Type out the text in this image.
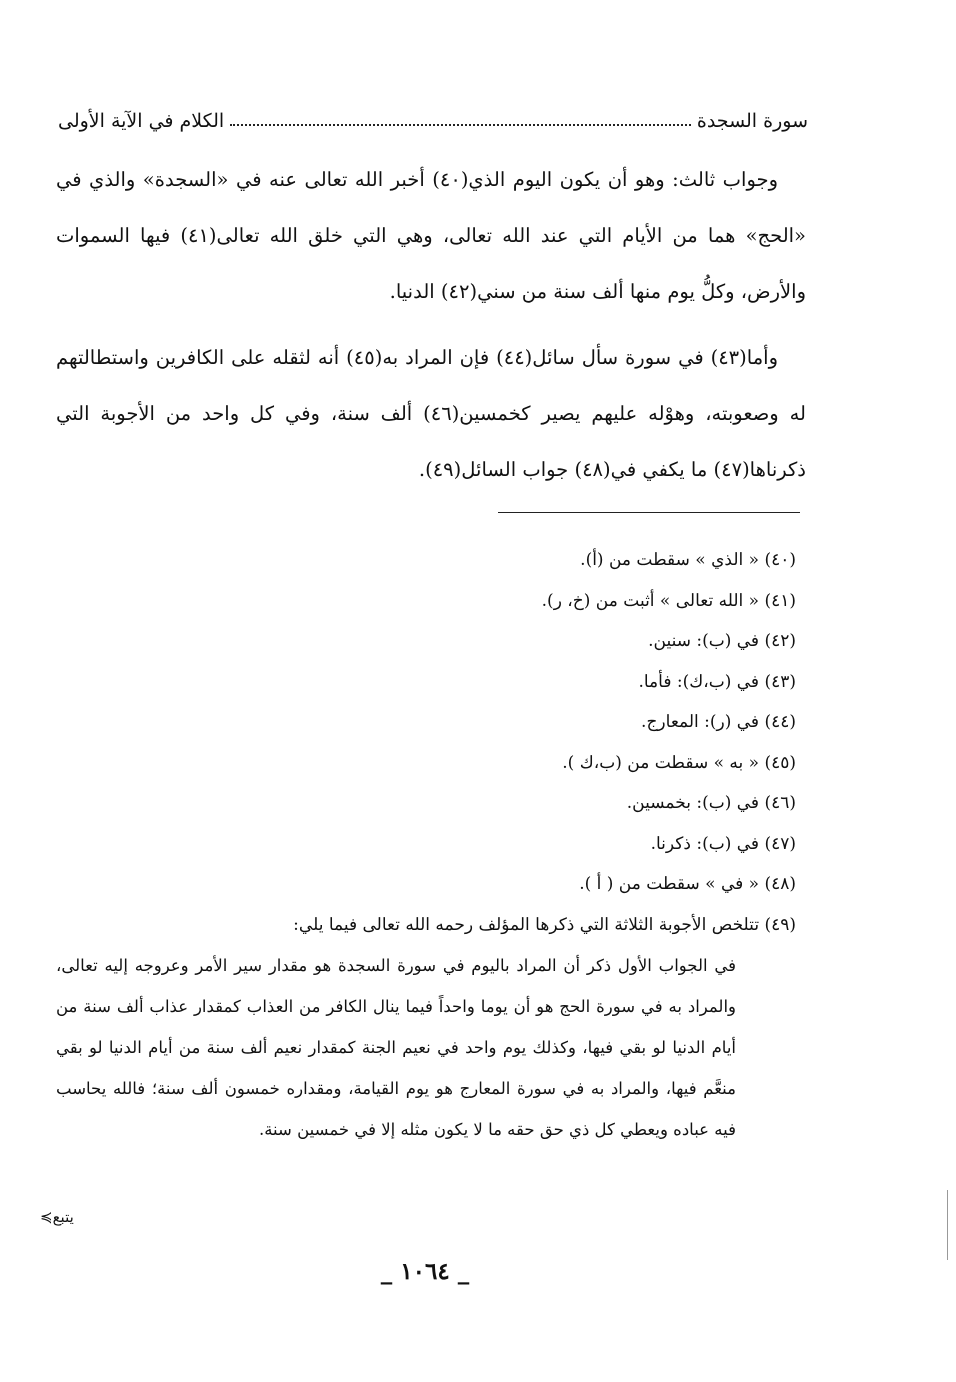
سورة السجدة
الكلام في الآية الأولى

وجواب ثالث: وهو أن يكون اليوم الذي(٤٠) أخبر الله تعالى عنه في «السجدة» والذي في «الحج» هما من الأيام التي عند الله تعالى، وهي التي خلق الله تعالى(٤١) فيها السموات والأرض، وكلُّ يوم منها ألف سنة من سني(٤٢) الدنيا.

وأما(٤٣) في سورة سأل سائل(٤٤) فإن المراد به(٤٥) أنه لثقله على الكافرين واستطالتهم له وصعوبته، وهوْله عليهم يصير كخمسين(٤٦) ألف سنة، وفي كل واحد من الأجوبة التي ذكرناها(٤٧) ما يكفي في(٤٨) جواب السائل(٤٩).

(٤٠) « الذي » سقطت من (أ).
(٤١) « الله تعالى » أثبت من (خ، ر).
(٤٢) في (ب): سنين.
(٤٣) في (ب،ك): فأما.
(٤٤) في (ر): المعارج.
(٤٥) « به » سقطت من (ب،ك ).
(٤٦) في (ب): بخمسين.
(٤٧) في (ب): ذكرنا.
(٤٨) « في » سقطت من ( أ ).
(٤٩) تتلخص الأجوبة الثلاثة التي ذكرها المؤلف رحمه الله تعالى فيما يلي:
في الجواب الأول ذكر أن المراد باليوم في سورة السجدة هو مقدار سير الأمر وعروجه إليه تعالى، والمراد به في سورة الحج هو أن يوما واحداً فيما ينال الكافر من العذاب كمقدار عذاب ألف سنة من أيام الدنيا لو بقي فيها، وكذلك يوم واحد في نعيم الجنة كمقدار نعيم ألف سنة من أيام الدنيا لو بقي منعَّم فيها، والمراد به في سورة المعارج هو يوم القيامة، ومقداره خمسون ألف سنة؛ فالله يحاسب فيه عباده ويعطي كل ذي حق حقه ما لا يكون مثله إلا في خمسين سنة.
يتبع≽
_ ١٠٦٤ _
